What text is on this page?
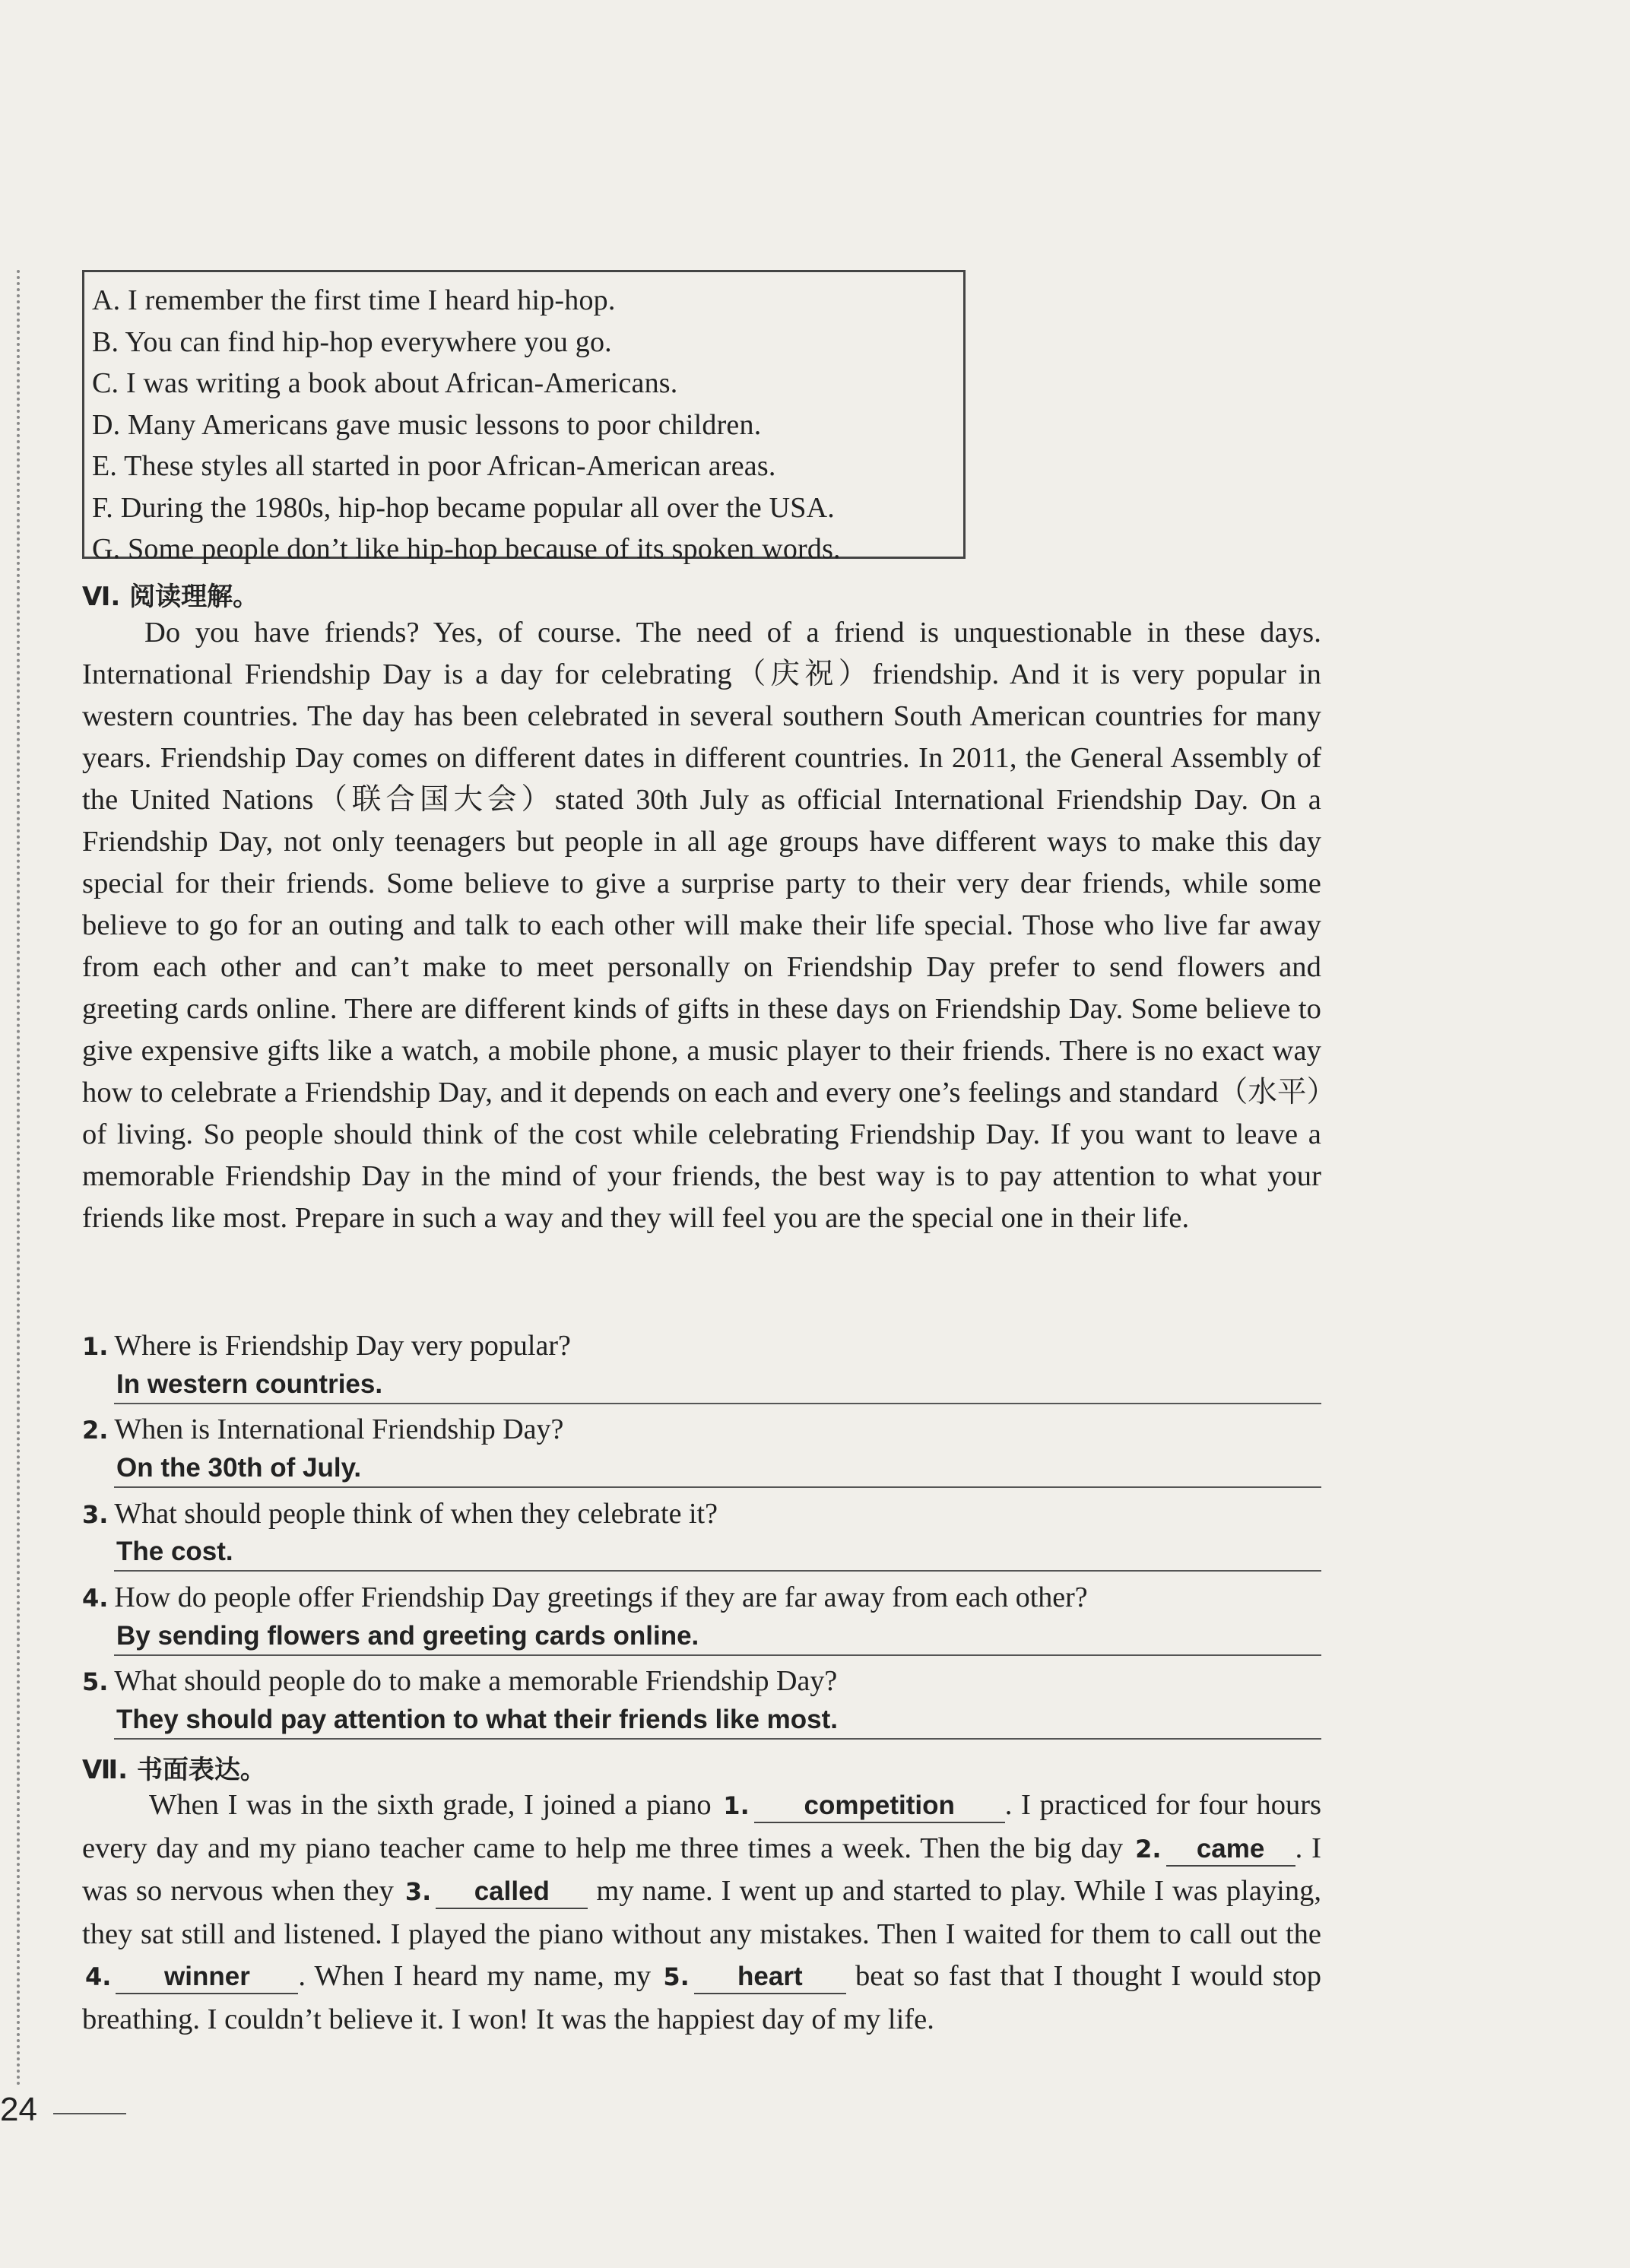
A. I remember the first time I heard hip-hop.
B. You can find hip-hop everywhere you go.
C. I was writing a book about African-Americans.
D. Many Americans gave music lessons to poor children.
E. These styles all started in poor African-American areas.
F. During the 1980s, hip-hop became popular all over the USA.
G. Some people don’t like hip-hop because of its spoken words.
Ⅵ. 阅读理解。
Do you have friends? Yes, of course. The need of a friend is unquestionable in these days. International Friendship Day is a day for celebrating（庆祝）friendship. And it is very popular in western countries. The day has been celebrated in several southern South American countries for many years. Friendship Day comes on different dates in different countries. In 2011, the General Assembly of the United Nations（联合国大会）stated 30th July as official International Friendship Day. On a Friendship Day, not only teenagers but people in all age groups have different ways to make this day special for their friends. Some believe to give a surprise party to their very dear friends, while some believe to go for an outing and talk to each other will make their life special. Those who live far away from each other and can’t make to meet personally on Friendship Day prefer to send flowers and greeting cards online. There are different kinds of gifts in these days on Friendship Day. Some believe to give expensive gifts like a watch, a mobile phone, a music player to their friends. There is no exact way how to celebrate a Friendship Day, and it depends on each and every one’s feelings and standard（水平）of living. So people should think of the cost while celebrating Friendship Day. If you want to leave a memorable Friendship Day in the mind of your friends, the best way is to pay attention to what your friends like most. Prepare in such a way and they will feel you are the special one in their life.
1. Where is Friendship Day very popular?
In western countries.
2. When is International Friendship Day?
On the 30th of July.
3. What should people think of when they celebrate it?
The cost.
4. How do people offer Friendship Day greetings if they are far away from each other?
By sending flowers and greeting cards online.
5. What should people do to make a memorable Friendship Day?
They should pay attention to what their friends like most.
Ⅶ. 书面表达。
When I was in the sixth grade, I joined a piano 1. competition . I practiced for four hours every day and my piano teacher came to help me three times a week. Then the big day 2. came . I was so nervous when they 3. called my name. I went up and started to play. While I was playing, they sat still and listened. I played the piano without any mistakes. Then I waited for them to call out the 4. winner . When I heard my name, my 5. heart beat so fast that I thought I would stop breathing. I couldn’t believe it. I won! It was the happiest day of my life.
24
